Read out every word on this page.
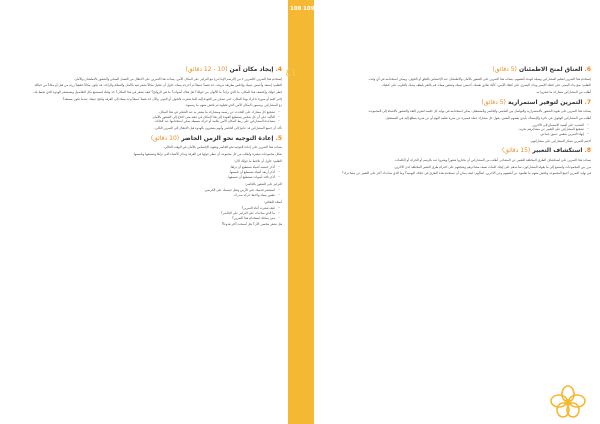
108 109
٤١
4. إيجاد مكان آمن (10 - 12 دقائق)

إستخدم هذا التمرين كالتمرين ٤ من (الرسم الإبداعي) مع التركيز على المكان الآمن. يساعد هذا التمرين على الانتقال من الفصل الصحي والشعور بالاطمئنان والأمان.

التعليم: إستعد وأغمض عينيك وإجلس بطريقة مريحة، خذ نفساً عميقاً ثم أخرجه ببطء. حاول أن تتخيل مكاناً تشعر فيه بالأمان والسلام والراحة. قد يكون مكاناً حقيقياً زرته من قبل أو مكاناً من خيالك.

انظر حولك وإكتشف هذا المكان، ما الذي تراه؟ ما الألوان من حولك؟ هل هناك أصوات؟ ما هي الروائح؟ كيف تشعر في هذا المكان؟ خذ وقتك لتستمتع بكل التفاصيل وتستشعر الهدوء الذي يحيط بك.

إختر كلمة أو صورة تذكرك بهذا المكان، حتى تتمكن من العودة إليه كلما شعرت بالخوف أو التوتر. والآن خذ نفساً عميقاً وعد ببطء إلى الغرفة وافتح عينيك عندما تكون مستعداً.

دع المشاركين يرسمون المكان الآمن الذي تخيلوه ثم ناقش معهم ما رسموه.

• تشجيع كل مشارك على التحدث عن رسمه ومشاركة ما يشعر به عند التفكير في هذا المكان.
• التأكيد على أن كل شخص يستطيع العودة إلى هذا المكان في ذهنه متى احتاج إلى الشعور بالأمان.
• مساعدة المشاركين على ربط المكان الآمن بكلمة أو حركة بسيطة يمكن استخدامها عند الحاجة.

تأكد أن جميع المشاركين قد عادوا إلى الحاضر وأنهم يشعرون بالهدوء قبل الانتقال إلى التمرين التالي.

5. إعادة التوجيه نحو الزمن الحاضر (10 دقائق)

يساعد هذا التمرين على إعادة التوجيه نحو الحاضر وتقوية الإحساس بالأمان في الوقت الحالي.

شكل مجموعات صغيرة واطلب من كل مجموعة أن تنظر حولها في الغرفة وتذكر الأشياء التي تراها وتسمعها وتلمسها.

التعليم: حاول أن تلاحظ ما حولك الآن:

• أذكر خمسة أشياء تستطيع أن تراها.
• أذكر أربعة أشياء تستطيع أن تلمسها.
• أذكر ثلاثة أصوات تستطيع أن تسمعها.

التركيز على الشعور بالحاضر:

• استشعر قدميك على الأرض وثقل جسمك على الكرسي.
• تنفس ببطء ولاحظ حركة صدرك.

أسئلة للنقاش:

• كيف شعرت أثناء التمرين؟
• ما الذي ساعدك على التركيز على الحاضر؟
• متى يمكنك استخدام هذا التمرين؟

هل تشعر بتحسن الآن؟ هل أصبحت أكثر هدوءاً؟

6. العناق لمنح الاطمئنان (5 دقائق)

إستخدم هذا التمرين لتعليم المشاركين وسيلة لتهدئة أنفسهم. يساعد هذا التمرين على الشعور بالأمان والاطمئنان عند الإحساس بالقلق أو الخوف، ويمكن استخدامه في أي وقت.

التعليم: ضع يدك اليمنى على كتفك الأيسر ويدك اليسرى على كتفك الأيمن، كأنك تعانق نفسك. أغمض عينيك وتنفس ببطء. قم بالنقر بلطف بيديك بالتناوب على كتفيك.

أطلب من المشاركين مشاركة ما شعروا به.

7. التمرين لتوفير استمرارية (5 دقائق)

يساعد هذا التمرين على تقوية الشعور بالاستمرارية والتواصل بين الماضي والحاضر والمستقبل. يمكن استخدامه في نهاية كل جلسة لتعزيز الثقة والشعور بالانتماء إلى المجموعة.

أطلب من المشاركين الوقوف في دائرة والإمساك بأيدي بعضهم البعض. يقول كل مشارك جملة قصيرة عن شيء تعلمه اليوم أو عن شيء يتطلع إليه في المستقبل.

• التشديد على أهمية الاستماع إلى الآخرين.
• تشجيع المشاركين على التعبير عن مشاعرهم بحرية.
• إنهاء التمرين بتنفس عميق جماعي.

اختتم التمرين بشكر المشاركين على مشاركتهم.

8. استكشاف التعبير (15 دقائق)

يساعد هذا التمرين على استكشاف الطرق المختلفة للتعبير عن المشاعر. أطلب من المشاركين أن يختاروا شعوراً ويعبروا عنه بالرسم أو الحركة أو الكلمات.

مرر بين المجموعات واستمع إلى ما يقوله المشاركون. ساعدهم على إيجاد كلمات تصف مشاعرهم وشجعهم على احترام طرق التعبير المختلفة لدى الآخرين.

في نهاية التمرين اجمع المجموعة وناقش معهم ما تعلموه عن أنفسهم وعن الآخرين. اسألهم: كيف يمكن أن تستخدم هذه الطرق في حياتك اليومية؟ وما الذي ساعدك أكثر على التعبير عن مشاعرك؟
